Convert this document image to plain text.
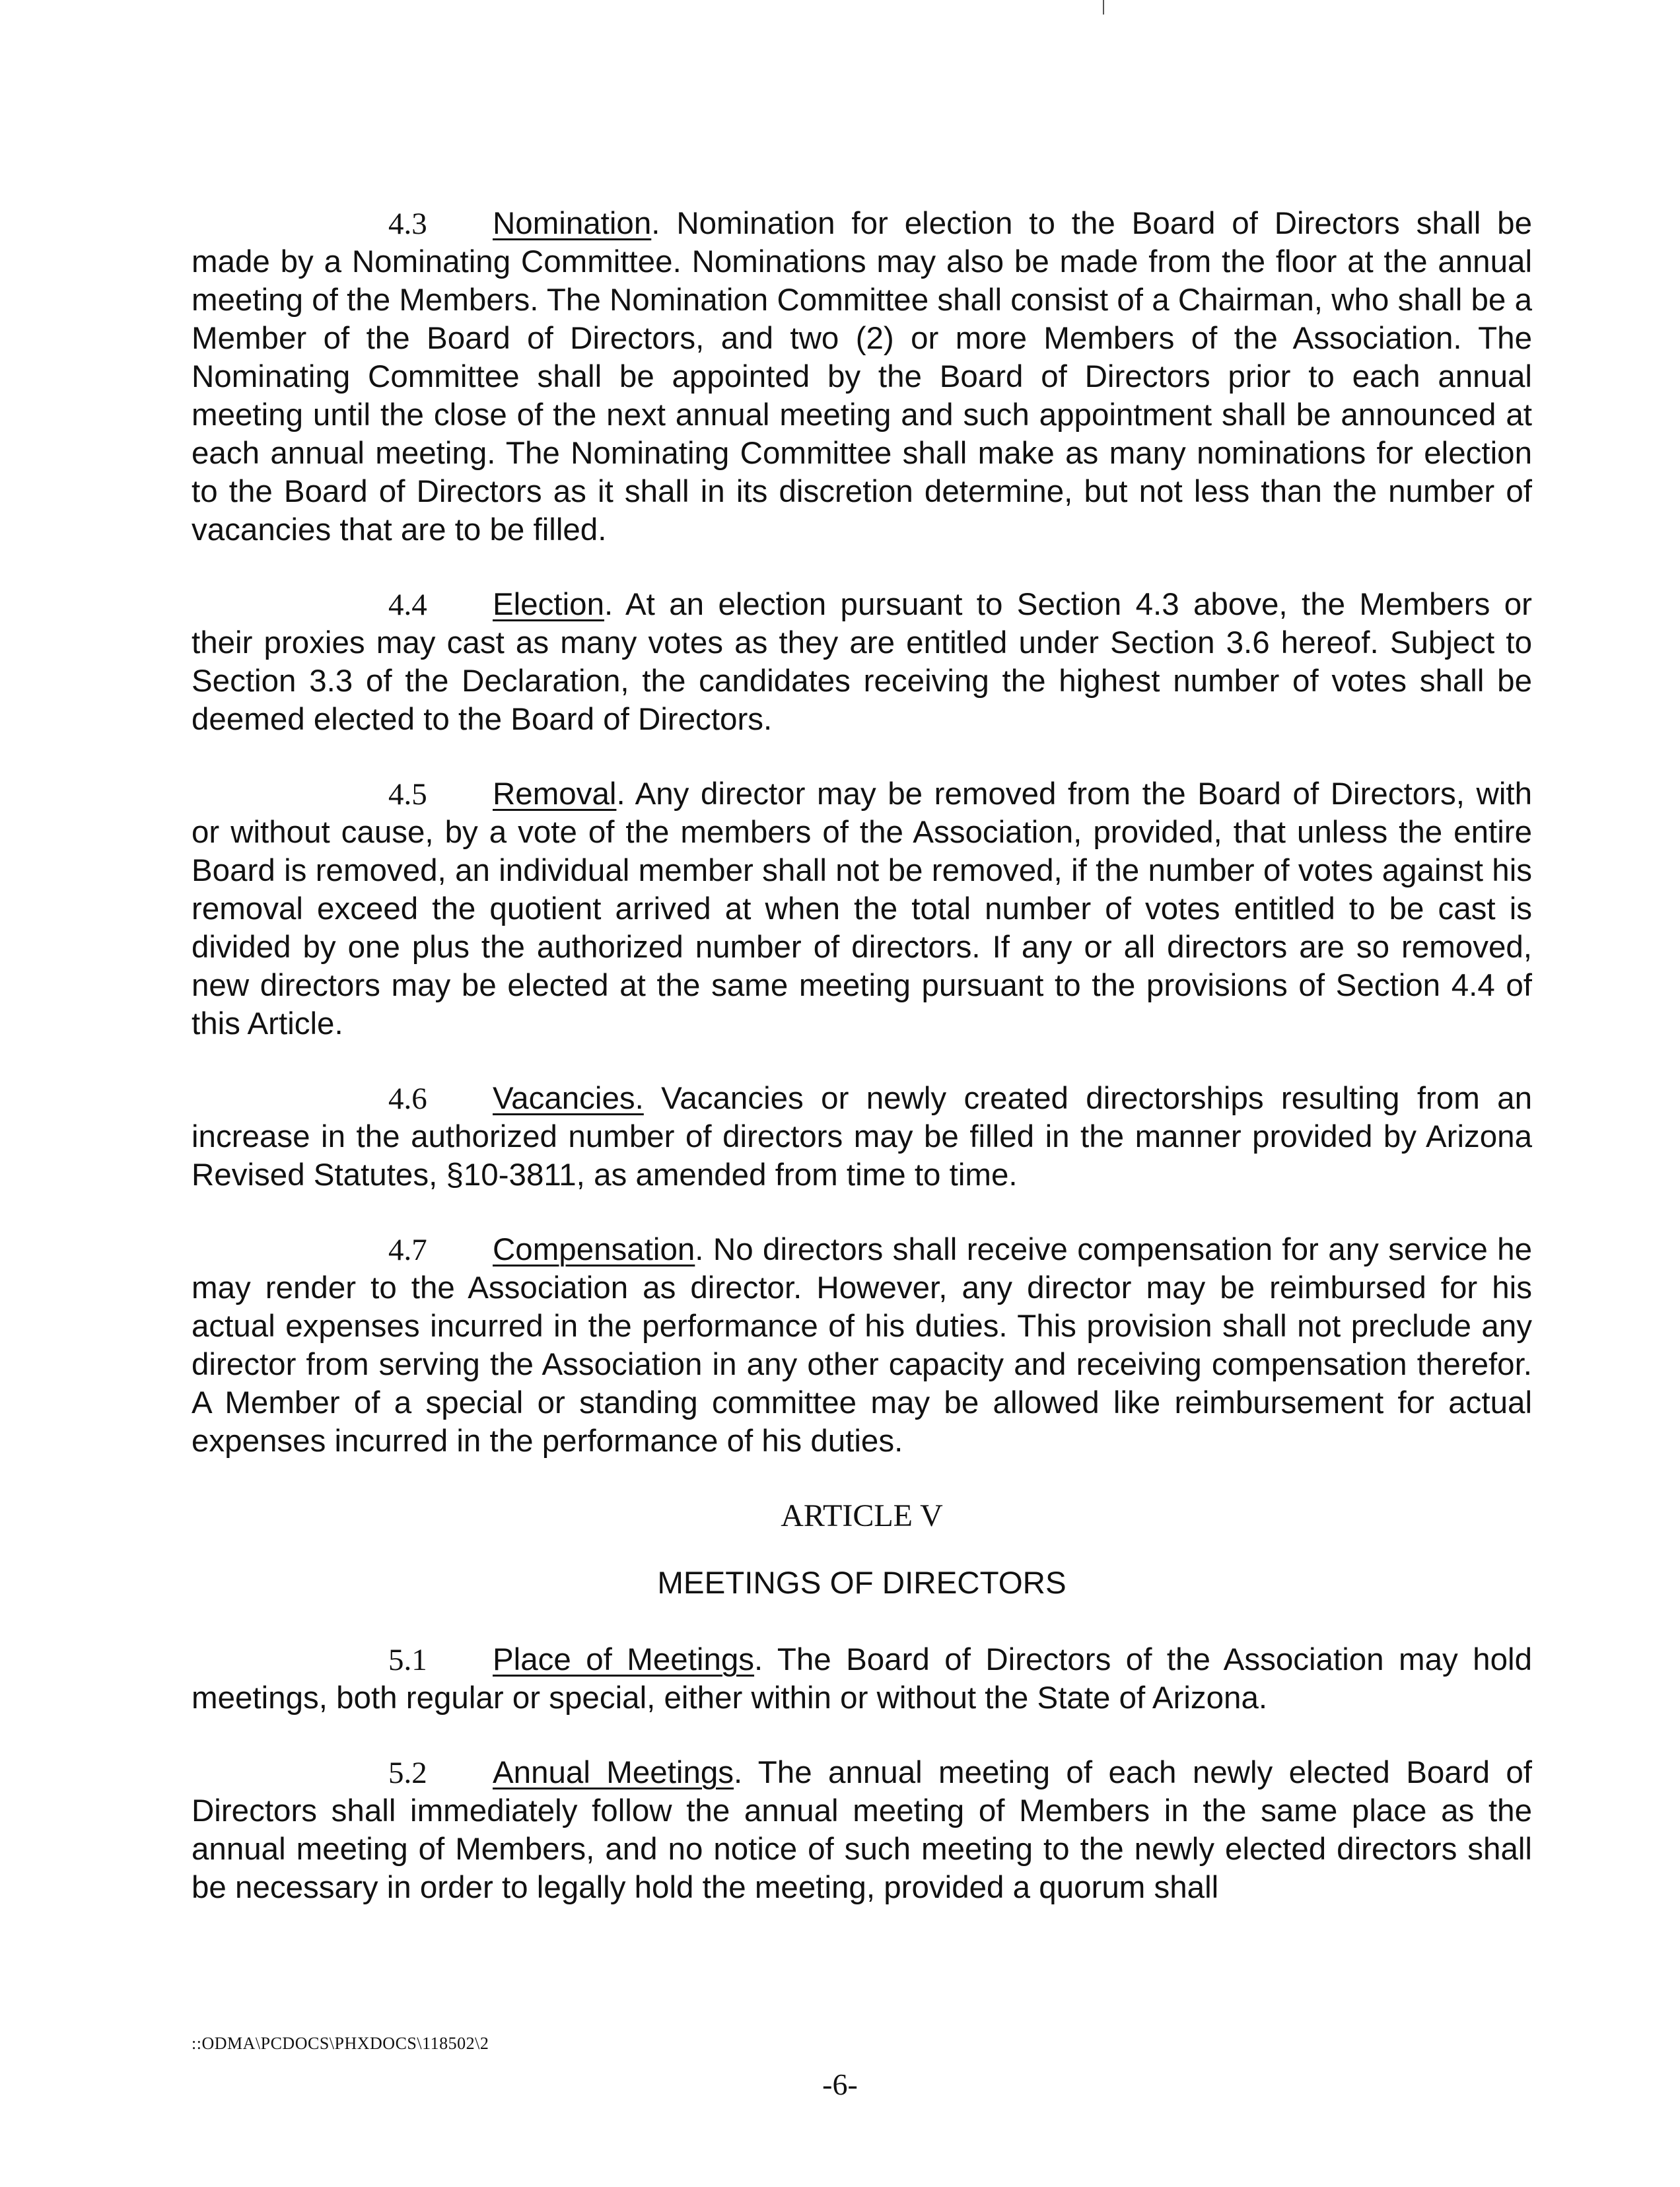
4.3 Nomination. Nomination for election to the Board of Directors shall be made by a Nominating Committee. Nominations may also be made from the floor at the annual meeting of the Members. The Nomination Committee shall consist of a Chairman, who shall be a Member of the Board of Directors, and two (2) or more Members of the Association. The Nominating Committee shall be appointed by the Board of Directors prior to each annual meeting until the close of the next annual meeting and such appointment shall be announced at each annual meeting. The Nominating Committee shall make as many nominations for election to the Board of Directors as it shall in its discretion determine, but not less than the number of vacancies that are to be filled.

4.4 Election. At an election pursuant to Section 4.3 above, the Members or their proxies may cast as many votes as they are entitled under Section 3.6 hereof. Subject to Section 3.3 of the Declaration, the candidates receiving the highest number of votes shall be deemed elected to the Board of Directors.

4.5 Removal. Any director may be removed from the Board of Directors, with or without cause, by a vote of the members of the Association, provided, that unless the entire Board is removed, an individual member shall not be removed, if the number of votes against his removal exceed the quotient arrived at when the total number of votes entitled to be cast is divided by one plus the authorized number of directors. If any or all directors are so removed, new directors may be elected at the same meeting pursuant to the provisions of Section 4.4 of this Article.

4.6 Vacancies. Vacancies or newly created directorships resulting from an increase in the authorized number of directors may be filled in the manner provided by Arizona Revised Statutes, §10-3811, as amended from time to time.

4.7 Compensation. No directors shall receive compensation for any service he may render to the Association as director. However, any director may be reimbursed for his actual expenses incurred in the performance of his duties. This provision shall not preclude any director from serving the Association in any other capacity and receiving compensation therefor. A Member of a special or standing committee may be allowed like reimbursement for actual expenses incurred in the performance of his duties.

ARTICLE V
MEETINGS OF DIRECTORS

5.1 Place of Meetings. The Board of Directors of the Association may hold meetings, both regular or special, either within or without the State of Arizona.

5.2 Annual Meetings. The annual meeting of each newly elected Board of Directors shall immediately follow the annual meeting of Members in the same place as the annual meeting of Members, and no notice of such meeting to the newly elected directors shall be necessary in order to legally hold the meeting, provided a quorum shall

::ODMA\PCDOCS\PHXDOCS\118502\2
-6-
